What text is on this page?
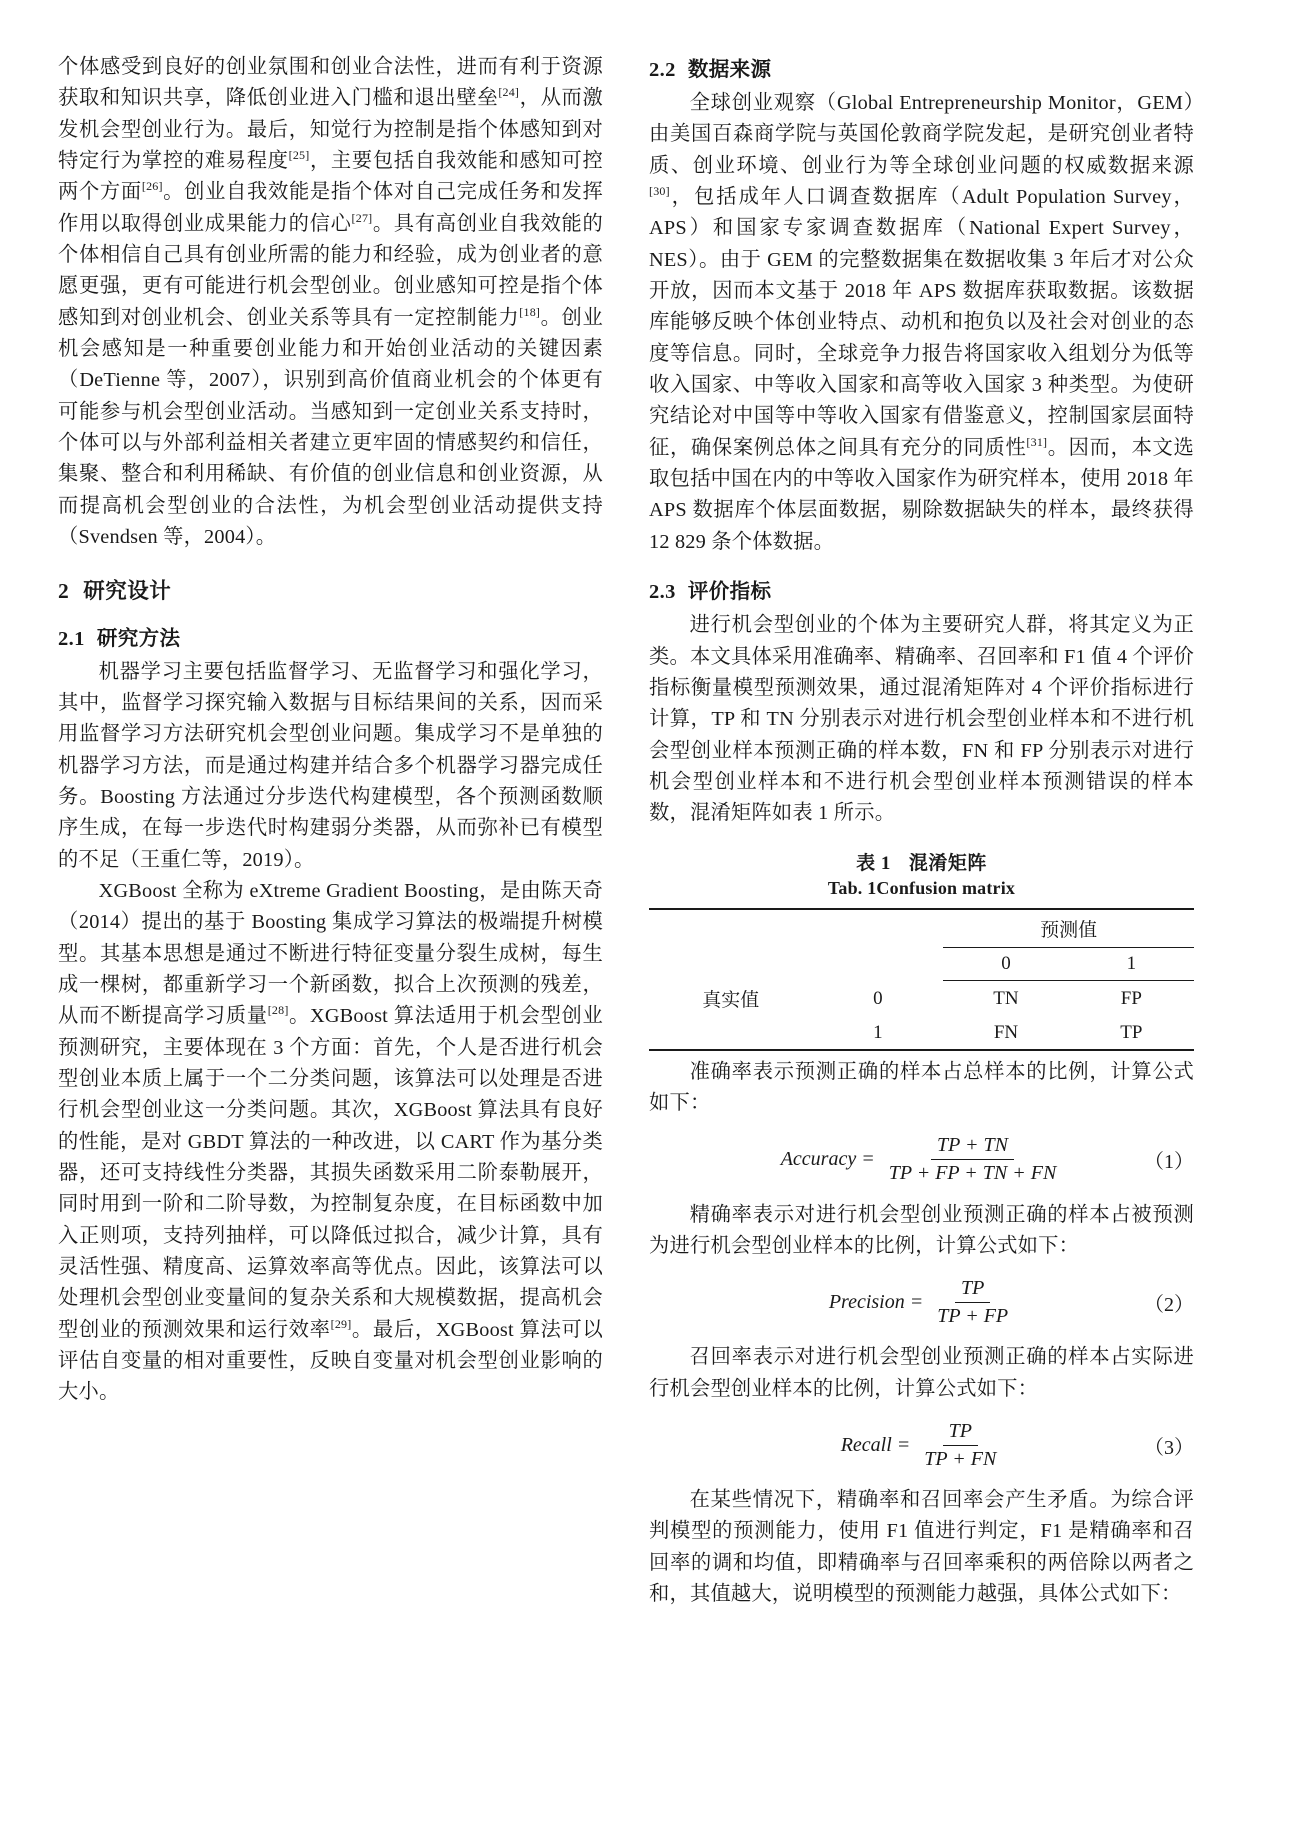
个体感受到良好的创业氛围和创业合法性，进而有利于资源获取和知识共享，降低创业进入门槛和退出壁垒[24]，从而激发机会型创业行为。最后，知觉行为控制是指个体感知到对特定行为掌控的难易程度[25]，主要包括自我效能和感知可控两个方面[26]。创业自我效能是指个体对自己完成任务和发挥作用以取得创业成果能力的信心[27]。具有高创业自我效能的个体相信自己具有创业所需的能力和经验，成为创业者的意愿更强，更有可能进行机会型创业。创业感知可控是指个体感知到对创业机会、创业关系等具有一定控制能力[18]。创业机会感知是一种重要创业能力和开始创业活动的关键因素（DeTienne 等，2007），识别到高价值商业机会的个体更有可能参与机会型创业活动。当感知到一定创业关系支持时，个体可以与外部利益相关者建立更牢固的情感契约和信任，集聚、整合和利用稀缺、有价值的创业信息和创业资源，从而提高机会型创业的合法性，为机会型创业活动提供支持（Svendsen 等，2004）。

2 研究设计
2.1 研究方法

机器学习主要包括监督学习、无监督学习和强化学习，其中，监督学习探究输入数据与目标结果间的关系，因而采用监督学习方法研究机会型创业问题。集成学习不是单独的机器学习方法，而是通过构建并结合多个机器学习器完成任务。Boosting 方法通过分步迭代构建模型，各个预测函数顺序生成，在每一步迭代时构建弱分类器，从而弥补已有模型的不足（王重仁等，2019）。

XGBoost 全称为 eXtreme Gradient Boosting，是由陈天奇（2014）提出的基于 Boosting 集成学习算法的极端提升树模型。其基本思想是通过不断进行特征变量分裂生成树，每生成一棵树，都重新学习一个新函数，拟合上次预测的残差，从而不断提高学习质量[28]。XGBoost 算法适用于机会型创业预测研究，主要体现在 3 个方面：首先，个人是否进行机会型创业本质上属于一个二分类问题，该算法可以处理是否进行机会型创业这一分类问题。其次，XGBoost 算法具有良好的性能，是对 GBDT 算法的一种改进，以 CART 作为基分类器，还可支持线性分类器，其损失函数采用二阶泰勒展开，同时用到一阶和二阶导数，为控制复杂度，在目标函数中加入正则项，支持列抽样，可以降低过拟合，减少计算，具有灵活性强、精度高、运算效率高等优点。因此，该算法可以处理机会型创业变量间的复杂关系和大规模数据，提高机会型创业的预测效果和运行效率[29]。最后，XGBoost 算法可以评估自变量的相对重要性，反映自变量对机会型创业影响的大小。

2.2 数据来源

全球创业观察（Global Entrepreneurship Monitor，GEM）由美国百森商学院与英国伦敦商学院发起，是研究创业者特质、创业环境、创业行为等全球创业问题的权威数据来源[30]，包括成年人口调查数据库（Adult Population Survey，APS）和国家专家调查数据库（National Expert Survey，NES）。由于 GEM 的完整数据集在数据收集 3 年后才对公众开放，因而本文基于 2018 年 APS 数据库获取数据。该数据库能够反映个体创业特点、动机和抱负以及社会对创业的态度等信息。同时，全球竞争力报告将国家收入组划分为低等收入国家、中等收入国家和高等收入国家 3 种类型。为使研究结论对中国等中等收入国家有借鉴意义，控制国家层面特征，确保案例总体之间具有充分的同质性[31]。因而，本文选取包括中国在内的中等收入国家作为研究样本，使用 2018 年 APS 数据库个体层面数据，剔除数据缺失的样本，最终获得 12 829 条个体数据。

2.3 评价指标

进行机会型创业的个体为主要研究人群，将其定义为正类。本文具体采用准确率、精确率、召回率和 F1 值 4 个评价指标衡量模型预测效果，通过混淆矩阵对 4 个评价指标进行计算，TP 和 TN 分别表示对进行机会型创业样本和不进行机会型创业样本预测正确的样本数，FN 和 FP 分别表示对进行机会型创业样本和不进行机会型创业样本预测错误的样本数，混淆矩阵如表 1 所示。

表 1 混淆矩阵
Tab. 1Confusion matrix
		预测值	
		0	1
真实值	0	TN	FP
	1	FN	TP

准确率表示预测正确的样本占总样本的比例，计算公式如下：

Accuracy = $\frac{TP + TN}{TP + FP + TN + FN}$	（1）

精确率表示对进行机会型创业预测正确的样本占被预测为进行机会型创业样本的比例，计算公式如下：

Precision = $\frac{TP}{TP + FP}$	（2）

召回率表示对进行机会型创业预测正确的样本占实际进行机会型创业样本的比例，计算公式如下：

Recall = $\frac{TP}{TP + FN}$	（3）

在某些情况下，精确率和召回率会产生矛盾。为综合评判模型的预测能力，使用 F1 值进行判定，F1 是精确率和召回率的调和均值，即精确率与召回率乘积的两倍除以两者之和，其值越大，说明模型的预测能力越强，具体公式如下：
